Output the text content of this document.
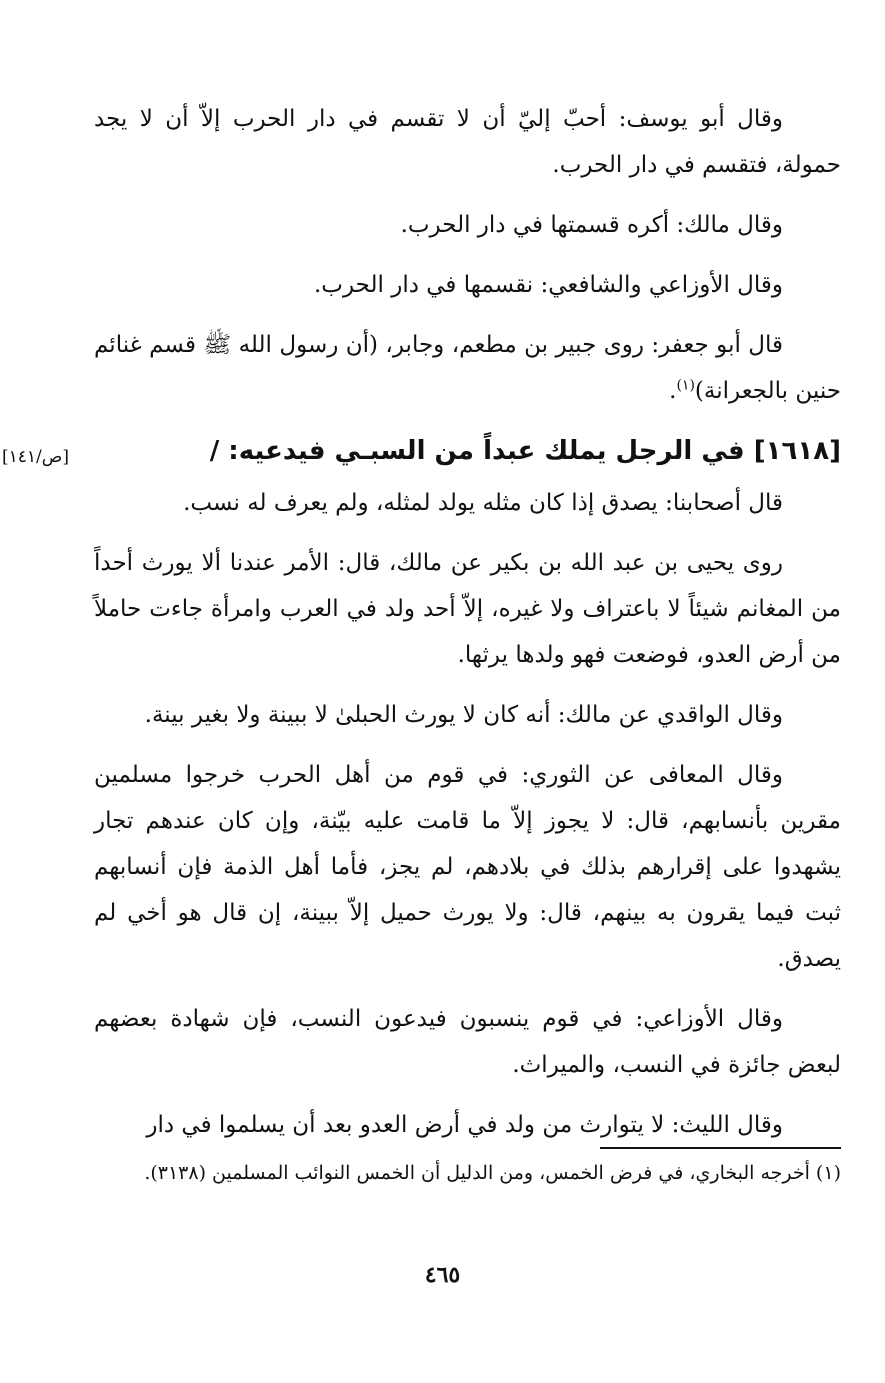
وقال أبو يوسف: أحبّ إليّ أن لا تقسم في دار الحرب إلاّ أن لا يجد حمولة، فتقسم في دار الحرب.

وقال مالك: أكره قسمتها في دار الحرب.

وقال الأوزاعي والشافعي: نقسمها في دار الحرب.

قال أبو جعفر: روى جبير بن مطعم، وجابر، (أن رسول الله ﷺ قسم غنائم حنين بالجعرانة)$^{(١)}$.

[١٦١٨] في الرجل يملك عبداً من السبـي فيدعيه: /
[ص/١٤١]

قال أصحابنا: يصدق إذا كان مثله يولد لمثله، ولم يعرف له نسب.

روى يحيى بن عبد الله بن بكير عن مالك، قال: الأمر عندنا ألا يورث أحداً من المغانم شيئاً لا باعتراف ولا غيره، إلاّ أحد ولد في العرب وامرأة جاءت حاملاً من أرض العدو، فوضعت فهو ولدها يرثها.

وقال الواقدي عن مالك: أنه كان لا يورث الحبلىٰ لا ببينة ولا بغير بينة.

وقال المعافى عن الثوري: في قوم من أهل الحرب خرجوا مسلمين مقرين بأنسابهم، قال: لا يجوز إلاّ ما قامت عليه بيّنة، وإن كان عندهم تجار يشهدوا على إقرارهم بذلك في بلادهم، لم يجز، فأما أهل الذمة فإن أنسابهم ثبت فيما يقرون به بينهم، قال: ولا يورث حميل إلاّ ببينة، إن قال هو أخي لم يصدق.

وقال الأوزاعي: في قوم ينسبون فيدعون النسب، فإن شهادة بعضهم لبعض جائزة في النسب، والميراث.

وقال الليث: لا يتوارث من ولد في أرض العدو بعد أن يسلموا في دار

(١) أخرجه البخاري، في فرض الخمس، ومن الدليل أن الخمس النوائب المسلمين (٣١٣٨).
٤٦٥
